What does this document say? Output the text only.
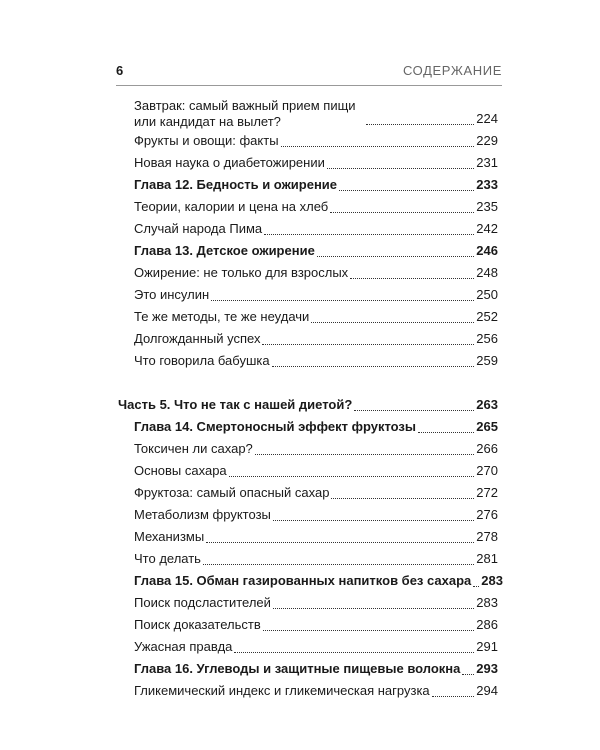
6	СОДЕРЖАНИЕ
Завтрак: самый важный прием пищи или кандидат на вылет?	224
Фрукты и овощи: факты	229
Новая наука о диабетожирении	231
Глава 12. Бедность и ожирение	233
Теории, калории и цена на хлеб	235
Случай народа Пима	242
Глава 13. Детское ожирение	246
Ожирение: не только для взрослых	248
Это инсулин	250
Те же методы, те же неудачи	252
Долгожданный успех	256
Что говорила бабушка	259
Часть 5. Что не так с нашей диетой?	263
Глава 14. Смертоносный эффект фруктозы	265
Токсичен ли сахар?	266
Основы сахара	270
Фруктоза: самый опасный сахар	272
Метаболизм фруктозы	276
Механизмы	278
Что делать	281
Глава 15. Обман газированных напитков без сахара 283
Поиск подсластителей	283
Поиск доказательств	286
Ужасная правда	291
Глава 16. Углеводы и защитные пищевые волокна 293
Гликемический индекс и гликемическая нагрузка	294
